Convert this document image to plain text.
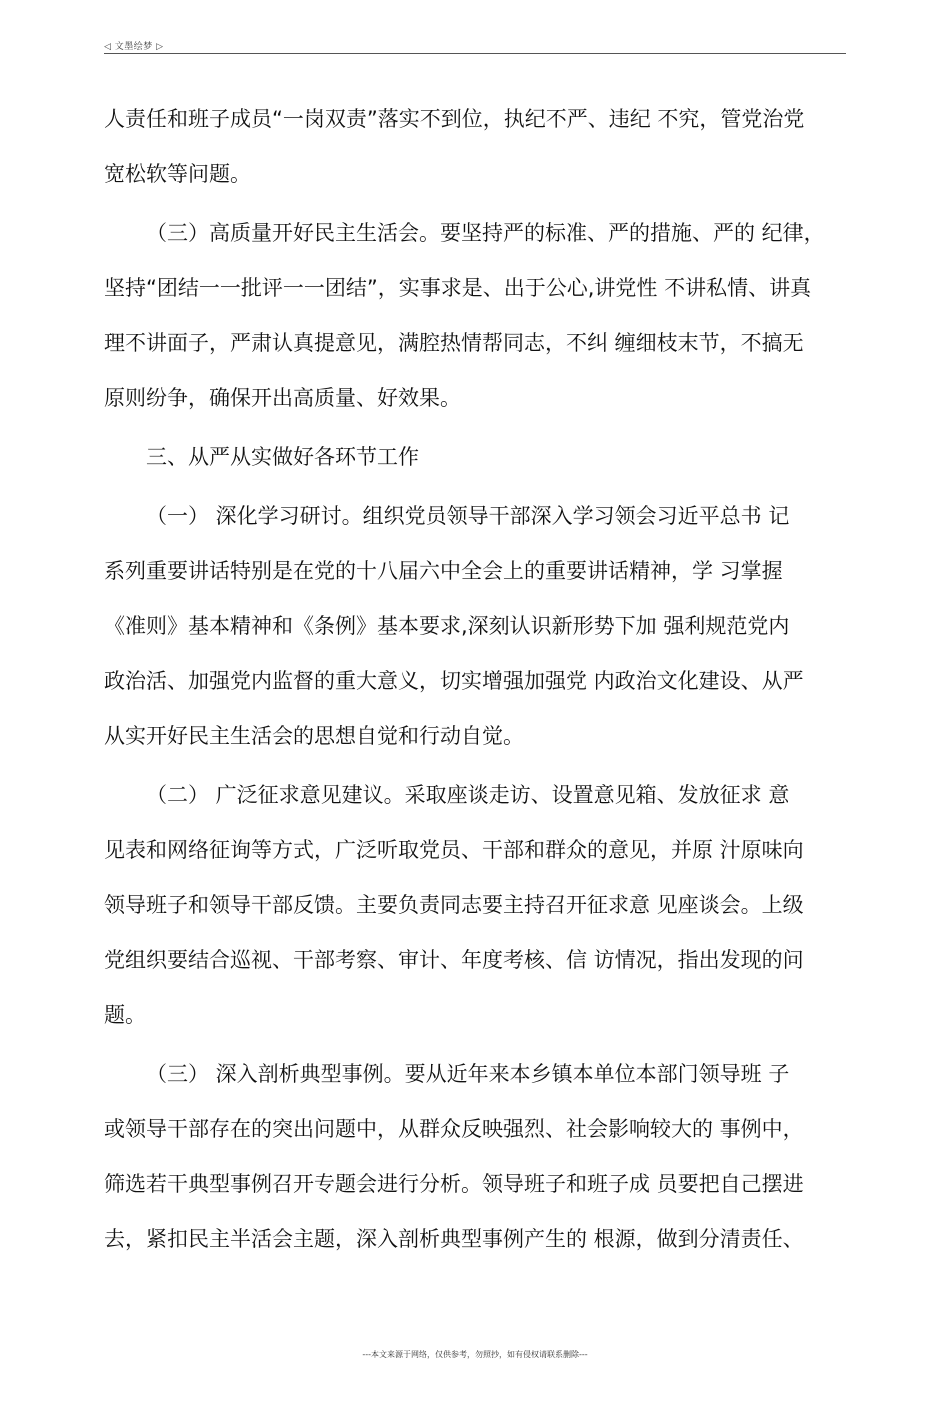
◁ 文墨绘梦 ▷
人责任和班子成员“一岗双责”落实不到位，执纪不严、违纪 不究，管党治党
宽松软等问题。
（三）高质量开好民主生活会。要坚持严的标准、严的措施、严的 纪律，
坚持“团结一一批评一一团结”，实事求是、出于公心,讲党性 不讲私情、讲真
理不讲面子，严肃认真提意见，满腔热情帮同志，不纠 缠细枝末节，不搞无
原则纷争，确保开出高质量、好效果。
三、从严从实做好各环节工作
（一） 深化学习研讨。组织党员领导干部深入学习领会习近平总书 记
系列重要讲话特别是在党的十八届六中全会上的重要讲话精神，学 习掌握
《准则》基本精神和《条例》基本要求,深刻认识新形势下加 强利规范党内
政治活、加强党内监督的重大意义，切实增强加强党 内政治文化建设、从严
从实开好民主生活会的思想自觉和行动自觉。
（二） 广泛征求意见建议。采取座谈走访、设置意见箱、发放征求 意
见表和网络征询等方式，广泛听取党员、干部和群众的意见，并原 汁原味向
领导班子和领导干部反馈。主要负责同志要主持召开征求意 见座谈会。上级
党组织要结合巡视、干部考察、审计、年度考核、信 访情况，指出发现的问
题。
（三） 深入剖析典型事例。要从近年来本乡镇本单位本部门领导班 子
或领导干部存在的突出问题中，从群众反映强烈、社会影响较大的 事例中，
筛选若干典型事例召开专题会进行分析。领导班子和班子成 员要把自己摆进
去，紧扣民主半活会主题，深入剖析典型事例产生的 根源，做到分清责任、
---本文来源于网络，仅供参考，勿照抄，如有侵权请联系删除---
